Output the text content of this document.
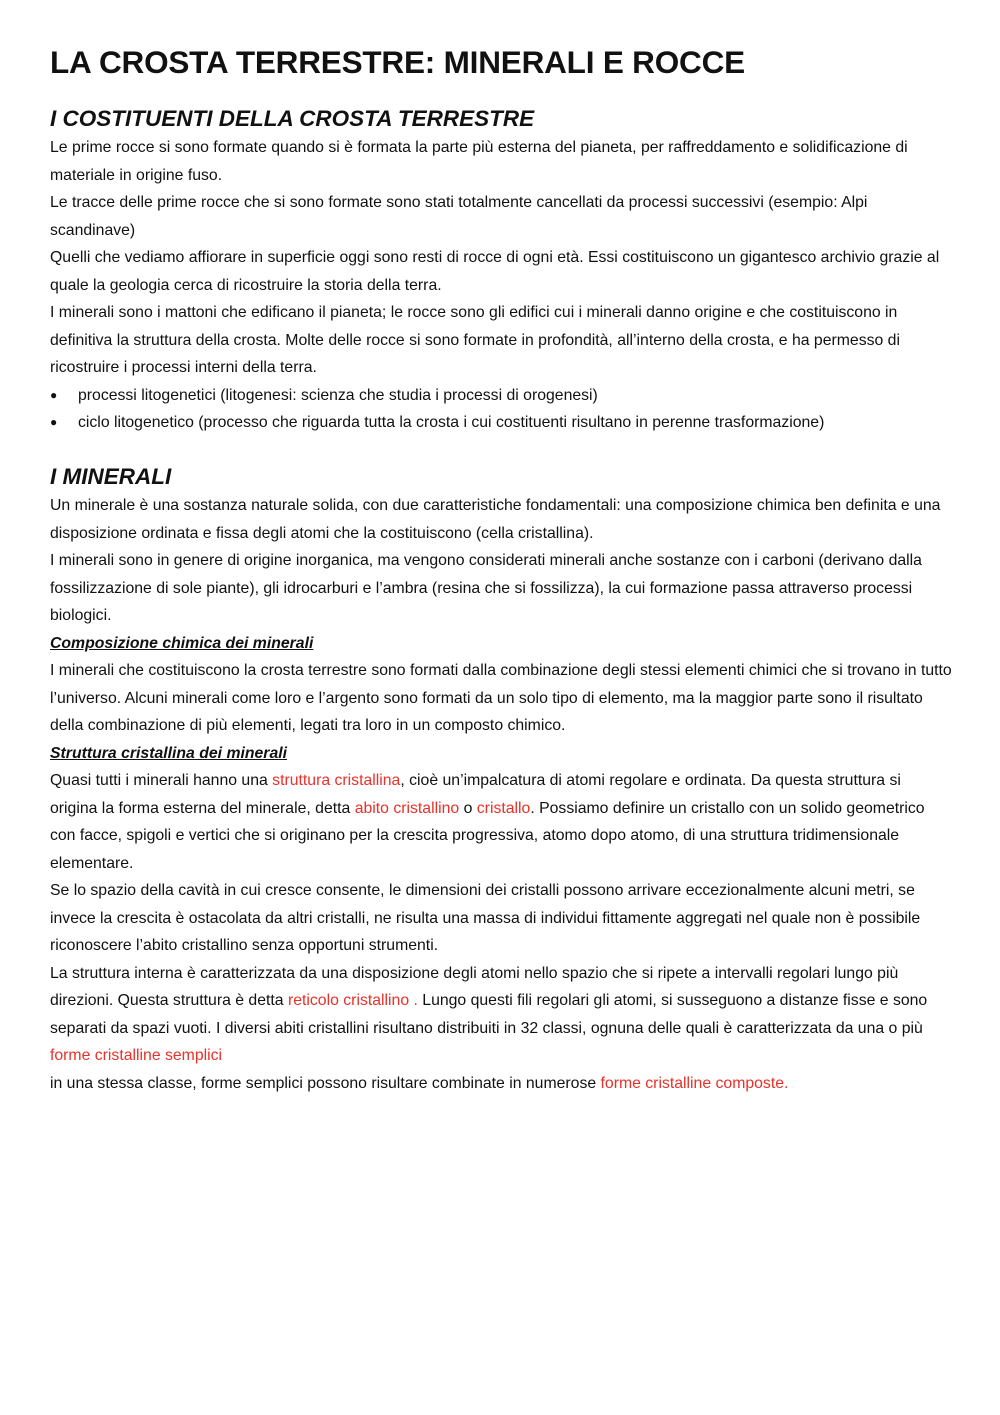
LA CROSTA TERRESTRE: MINERALI E ROCCE
I COSTITUENTI DELLA CROSTA TERRESTRE

Le prime rocce si sono formate quando si è formata la parte più esterna del pianeta, per raffreddamento e solidificazione di materiale in origine fuso.

Le tracce delle prime rocce che si sono formate sono stati totalmente cancellati da processi successivi (esempio: Alpi scandinave)

Quelli che vediamo affiorare in superficie oggi sono resti di rocce di ogni età. Essi costituiscono un gigantesco archivio grazie al quale la geologia cerca di ricostruire la storia della terra.

I minerali sono i mattoni che edificano il pianeta; le rocce sono gli edifici cui i minerali danno origine e che costituiscono in definitiva la struttura della crosta. Molte delle rocce si sono formate in profondità, all’interno della crosta, e ha permesso di ricostruire i processi interni della terra.

● processi litogenetici (litogenesi: scienza che studia i processi di orogenesi)
● ciclo litogenetico (processo che riguarda tutta la crosta i cui costituenti risultano in perenne trasformazione)
I MINERALI

Un minerale è una sostanza naturale solida, con due caratteristiche fondamentali: una composizione chimica ben definita e una disposizione ordinata e fissa degli atomi che la costituiscono (cella cristallina).

I minerali sono in genere di origine inorganica, ma vengono considerati minerali anche sostanze con i carboni (derivano dalla fossilizzazione di sole piante), gli idrocarburi e l’ambra (resina che si fossilizza), la cui formazione passa attraverso processi biologici.

Composizione chimica dei minerali

I minerali che costituiscono la crosta terrestre sono formati dalla combinazione degli stessi elementi chimici che si trovano in tutto l’universo. Alcuni minerali come loro e l’argento sono formati da un solo tipo di elemento, ma la maggior parte sono il risultato della combinazione di più elementi, legati tra loro in un composto chimico.

Struttura cristallina dei minerali

Quasi tutti i minerali hanno una struttura cristallina, cioè un’impalcatura di atomi regolare e ordinata. Da questa struttura si origina la forma esterna del minerale, detta abito cristallino o cristallo. Possiamo definire un cristallo con un solido geometrico con facce, spigoli e vertici che si originano per la crescita progressiva, atomo dopo atomo, di una struttura tridimensionale elementare.

Se lo spazio della cavità in cui cresce consente, le dimensioni dei cristalli possono arrivare eccezionalmente alcuni metri, se invece la crescita è ostacolata da altri cristalli, ne risulta una massa di individui fittamente aggregati nel quale non è possibile riconoscere l’abito cristallino senza opportuni strumenti.

La struttura interna è caratterizzata da una disposizione degli atomi nello spazio che si ripete a intervalli regolari lungo più direzioni. Questa struttura è detta reticolo cristallino . Lungo questi fili regolari gli atomi, si susseguono a distanze fisse e sono separati da spazi vuoti. I diversi abiti cristallini risultano distribuiti in 32 classi, ognuna delle quali è caratterizzata da una o più forme cristalline semplici

in una stessa classe, forme semplici possono risultare combinate in numerose forme cristalline composte.
